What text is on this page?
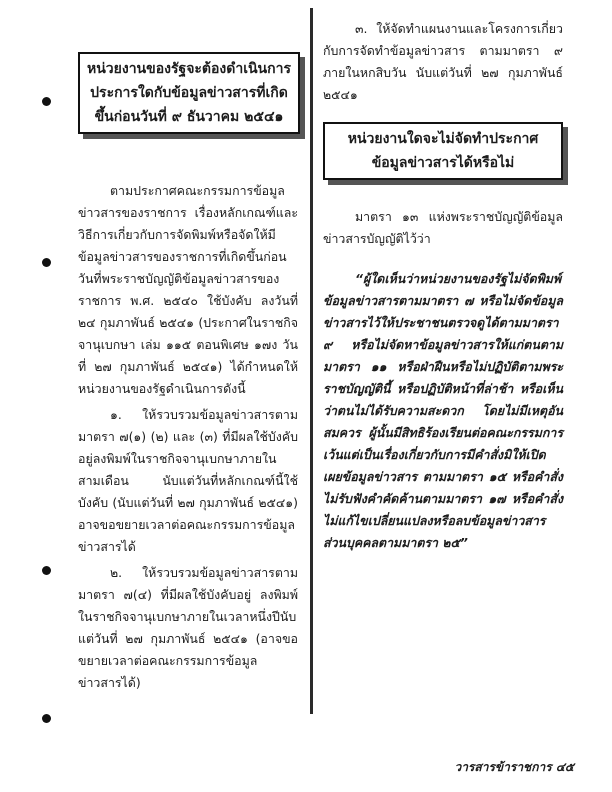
หน่วยงานของรัฐจะต้องดำเนินการประการใดกับข้อมูลข่าวสารที่เกิดขึ้นก่อนวันที่ ๙ ธันวาคม ๒๕๔๑

ตามประกาศคณะกรรมการข้อมูลข่าวสารของราชการ เรื่องหลักเกณฑ์และวิธีการเกี่ยวกับการจัดพิมพ์หรือจัดให้มีข้อมูลข่าวสารของราชการที่เกิดขึ้นก่อนวันที่พระราชบัญญัติข้อมูลข่าวสารของราชการ พ.ศ. ๒๕๔๐ ใช้บังคับ ลงวันที่ ๒๔ กุมภาพันธ์ ๒๕๔๑ (ประกาศในราชกิจจานุเบกษา เล่ม ๑๑๕ ตอนพิเศษ ๑๗ง วันที่ ๒๗ กุมภาพันธ์ ๒๕๔๑) ได้กำหนดให้หน่วยงานของรัฐดำเนินการดังนี้

๑. ให้รวบรวมข้อมูลข่าวสารตามมาตรา ๗(๑) (๒) และ (๓) ที่มีผลใช้บังคับอยู่ลงพิมพ์ในราชกิจจานุเบกษาภายในสามเดือน นับแต่วันที่หลักเกณฑ์นี้ใช้บังคับ (นับแต่วันที่ ๒๗ กุมภาพันธ์ ๒๕๔๑) อาจขอขยายเวลาต่อคณะกรรมการข้อมูลข่าวสารได้

๒. ให้รวบรวมข้อมูลข่าวสารตามมาตรา ๗(๔) ที่มีผลใช้บังคับอยู่ ลงพิมพ์ในราชกิจจานุเบกษาภายในเวลาหนึ่งปีนับแต่วันที่ ๒๗ กุมภาพันธ์ ๒๕๔๑ (อาจขอขยายเวลาต่อคณะกรรมการข้อมูลข่าวสารได้)

๓. ให้จัดทำแผนงานและโครงการเกี่ยวกับการจัดทำข้อมูลข่าวสาร ตามมาตรา ๙ ภายในหกสิบวัน นับแต่วันที่ ๒๗ กุมภาพันธ์ ๒๕๔๑

หน่วยงานใดจะไม่จัดทำประกาศข้อมูลข่าวสารได้หรือไม่

มาตรา ๑๓ แห่งพระราชบัญญัติข้อมูลข่าวสารบัญญัติไว้ว่า

“ผู้ใดเห็นว่าหน่วยงานของรัฐไม่จัดพิมพ์ข้อมูลข่าวสารตามมาตรา ๗ หรือไม่จัดข้อมูลข่าวสารไว้ให้ประชาชนตรวจดูได้ตามมาตรา ๙ หรือไม่จัดหาข้อมูลข่าวสารให้แก่ตนตามมาตรา ๑๑ หรือฝ่าฝืนหรือไม่ปฏิบัติตามพระราชบัญญัตินี้ หรือปฏิบัติหน้าที่ล่าช้า หรือเห็นว่าตนไม่ได้รับความสะดวก โดยไม่มีเหตุอันสมควร ผู้นั้นมีสิทธิร้องเรียนต่อคณะกรรมการ เว้นแต่เป็นเรื่องเกี่ยวกับการมีคำสั่งมิให้เปิดเผยข้อมูลข่าวสาร ตามมาตรา ๑๕ หรือคำสั่งไม่รับฟังคำคัดค้านตามมาตรา ๑๗ หรือคำสั่งไม่แก้ไขเปลี่ยนแปลงหรือลบข้อมูลข่าวสารส่วนบุคคลตามมาตรา ๒๕”

วารสารข้าราชการ ๔๕
